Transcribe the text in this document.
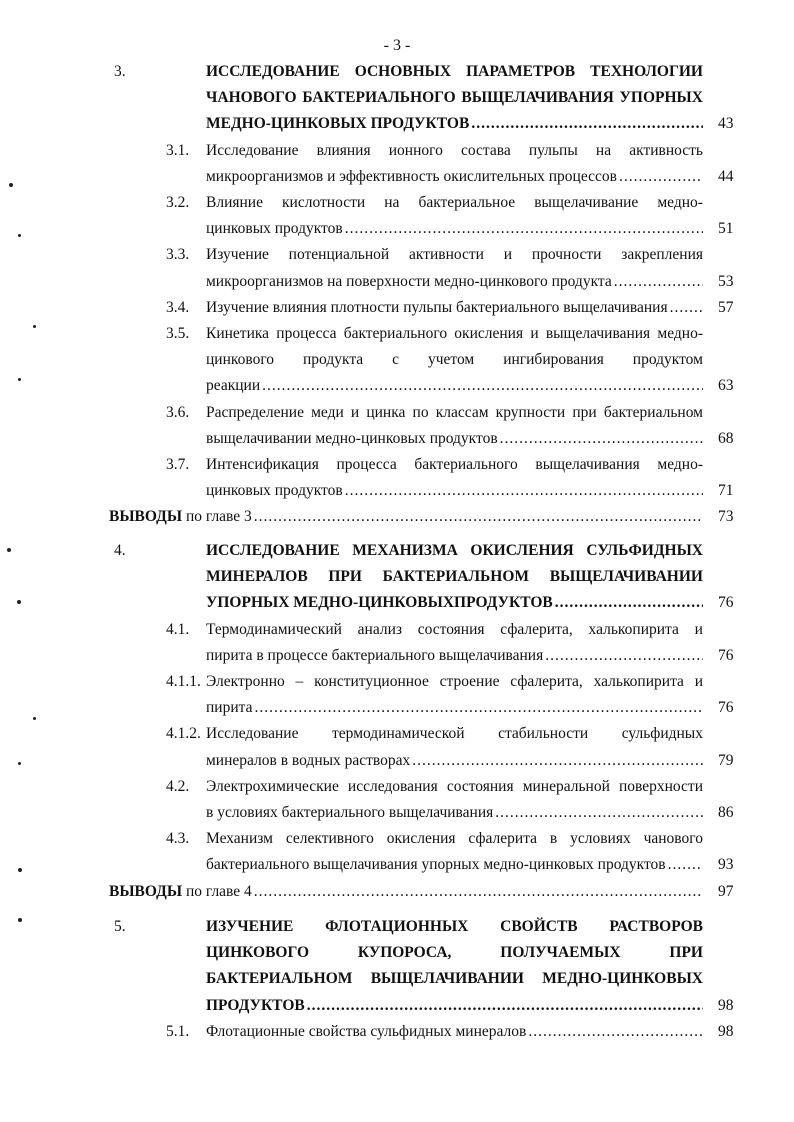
- 3 -
3.	ИССЛЕДОВАНИЕ ОСНОВНЫХ ПАРАМЕТРОВ ТЕХНОЛОГИИ
ЧАНОВОГО БАКТЕРИАЛЬНОГО ВЫЩЕЛАЧИВАНИЯ УПОРНЫХ
МЕДНО-ЦИНКОВЫХ ПРОДУКТОВ .....	43
3.1. Исследование влияния ионного состава пульпы на активность
микроорганизмов и эффективность окислительных процессов .....	44
3.2. Влияние кислотности на бактериальное выщелачивание медно-
цинковых продуктов .....	51
3.3. Изучение потенциальной активности и прочности закрепления
микроорганизмов на поверхности медно-цинкового продукта .....	53
3.4. Изучение влияния плотности пульпы бактериального выщелачивания .....	57
3.5. Кинетика процесса бактериального окисления и выщелачивания медно-
цинкового продукта с учетом ингибирования продуктом
реакции .....	63
3.6. Распределение меди и цинка по классам крупности при бактериальном
выщелачивании медно-цинковых продуктов .....	68
3.7. Интенсификация процесса бактериального выщелачивания медно-
цинковых продуктов .....	71
ВЫВОДЫ по главе 3 .....	73
4.	ИССЛЕДОВАНИЕ МЕХАНИЗМА ОКИСЛЕНИЯ СУЛЬФИДНЫХ
МИНЕРАЛОВ ПРИ БАКТЕРИАЛЬНОМ ВЫЩЕЛАЧИВАНИИ
УПОРНЫХ МЕДНО-ЦИНКОВЫХПРОДУКТОВ .....	76
4.1. Термодинамический анализ состояния сфалерита, халькопирита и
пирита в процессе бактериального выщелачивания .....	76
4.1.1. Электронно – конституционное строение сфалерита, халькопирита и
пирита .....	76
4.1.2. Исследование термодинамической стабильности сульфидных
минералов в водных растворах .....	79
4.2. Электрохимические исследования состояния минеральной поверхности
в условиях бактериального выщелачивания .....	86
4.3. Механизм селективного окисления сфалерита в условиях чанового
бактериального выщелачивания упорных медно-цинковых продуктов .....	93
ВЫВОДЫ по главе 4 .....	97
5.	ИЗУЧЕНИЕ ФЛОТАЦИОННЫХ СВОЙСТВ РАСТВОРОВ
ЦИНКОВОГО	КУПОРОСА,	ПОЛУЧАЕМЫХ	ПРИ
БАКТЕРИАЛЬНОМ ВЫЩЕЛАЧИВАНИИ МЕДНО-ЦИНКОВЫХ
ПРОДУКТОВ .....	98
5.1. Флотационные свойства сульфидных минералов .....	98
